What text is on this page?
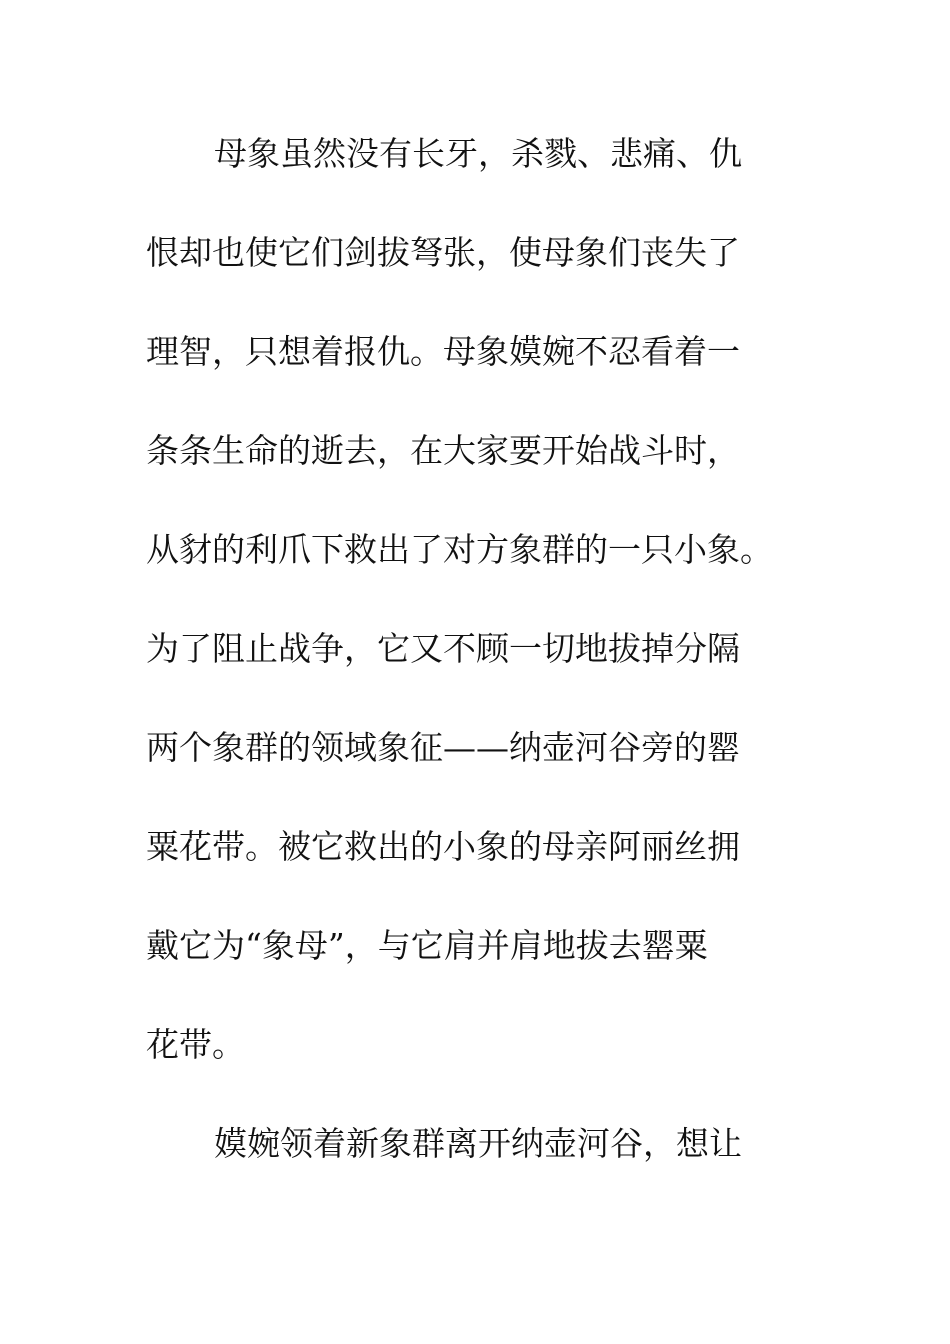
母象虽然没有长牙，杀戮、悲痛、仇
恨却也使它们剑拔弩张，使母象们丧失了
理智，只想着报仇。母象嫫婉不忍看着一
条条生命的逝去，在大家要开始战斗时，
从豺的利爪下救出了对方象群的一只小象。
为了阻止战争，它又不顾一切地拔掉分隔
两个象群的领域象征——纳壶河谷旁的罂
粟花带。被它救出的小象的母亲阿丽丝拥
戴它为“象母”，与它肩并肩地拔去罂粟
花带。
嫫婉领着新象群离开纳壶河谷，想让
